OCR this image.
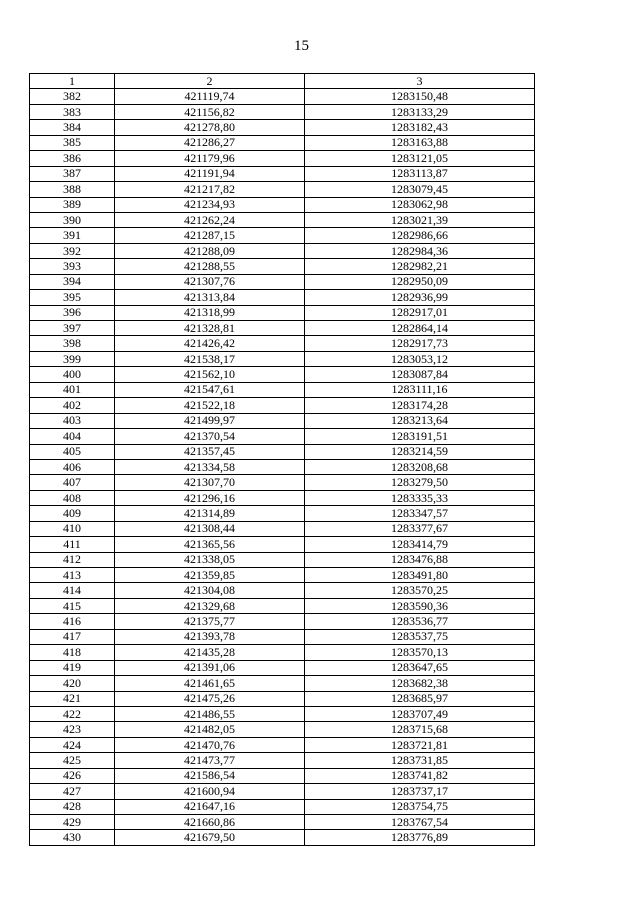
15
1	2	3
382	421119,74	1283150,48
383	421156,82	1283133,29
384	421278,80	1283182,43
385	421286,27	1283163,88
386	421179,96	1283121,05
387	421191,94	1283113,87
388	421217,82	1283079,45
389	421234,93	1283062,98
390	421262,24	1283021,39
391	421287,15	1282986,66
392	421288,09	1282984,36
393	421288,55	1282982,21
394	421307,76	1282950,09
395	421313,84	1282936,99
396	421318,99	1282917,01
397	421328,81	1282864,14
398	421426,42	1282917,73
399	421538,17	1283053,12
400	421562,10	1283087,84
401	421547,61	1283111,16
402	421522,18	1283174,28
403	421499,97	1283213,64
404	421370,54	1283191,51
405	421357,45	1283214,59
406	421334,58	1283208,68
407	421307,70	1283279,50
408	421296,16	1283335,33
409	421314,89	1283347,57
410	421308,44	1283377,67
411	421365,56	1283414,79
412	421338,05	1283476,88
413	421359,85	1283491,80
414	421304,08	1283570,25
415	421329,68	1283590,36
416	421375,77	1283536,77
417	421393,78	1283537,75
418	421435,28	1283570,13
419	421391,06	1283647,65
420	421461,65	1283682,38
421	421475,26	1283685,97
422	421486,55	1283707,49
423	421482,05	1283715,68
424	421470,76	1283721,81
425	421473,77	1283731,85
426	421586,54	1283741,82
427	421600,94	1283737,17
428	421647,16	1283754,75
429	421660,86	1283767,54
430	421679,50	1283776,89
